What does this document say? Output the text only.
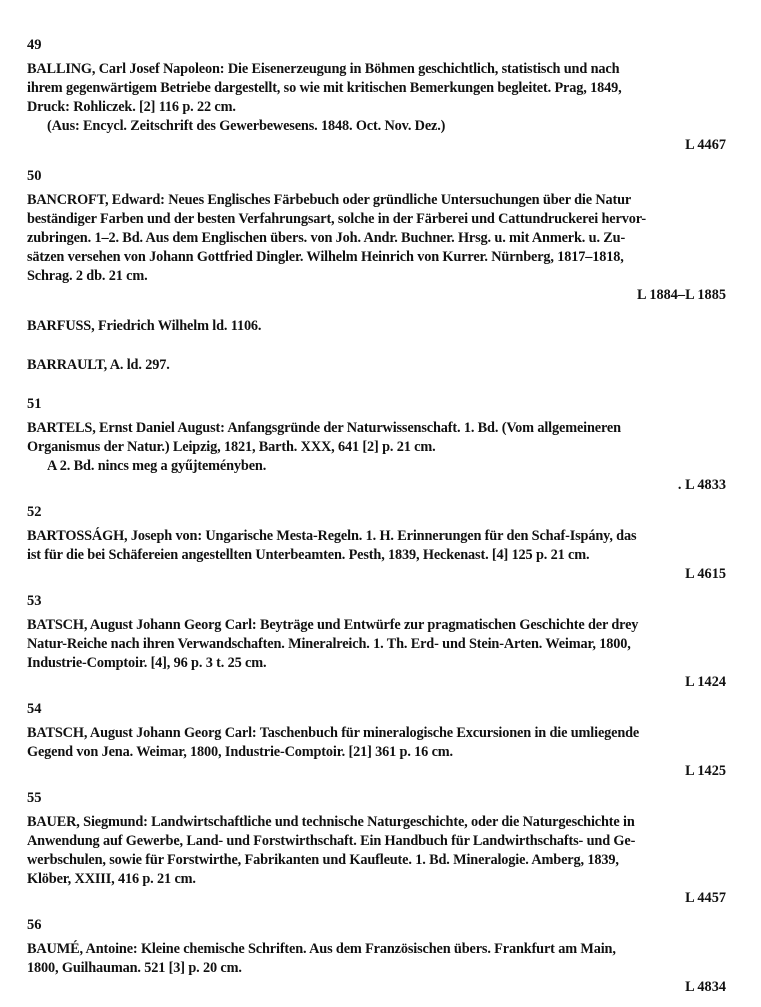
49
BALLING, Carl Josef Napoleon: Die Eisenerzeugung in Böhmen geschichtlich, statistisch und nach
ihrem gegenwärtigem Betriebe dargestellt, so wie mit kritischen Bemerkungen begleitet. Prag, 1849,
Druck: Rohliczek. [2] 116 p. 22 cm.
(Aus: Encycl. Zeitschrift des Gewerbewesens. 1848. Oct. Nov. Dez.)
L 4467
50
BANCROFT, Edward: Neues Englisches Färbebuch oder gründliche Untersuchungen über die Natur
beständiger Farben und der besten Verfahrungsart, solche in der Färberei und Cattundruckerei hervor-
zubringen. 1–2. Bd. Aus dem Englischen übers. von Joh. Andr. Buchner. Hrsg. u. mit Anmerk. u. Zu-
sätzen versehen von Johann Gottfried Dingler. Wilhelm Heinrich von Kurrer. Nürnberg, 1817–1818,
Schrag. 2 db. 21 cm.
L 1884–L 1885
BARFUSS, Friedrich Wilhelm ld. 1106.
BARRAULT, A. ld. 297.
51
BARTELS, Ernst Daniel August: Anfangsgründe der Naturwissenschaft. 1. Bd. (Vom allgemeineren
Organismus der Natur.) Leipzig, 1821, Barth. XXX, 641 [2] p. 21 cm.
A 2. Bd. nincs meg a gyűjteményben.
. L 4833
52
BARTOSSÁGH, Joseph von: Ungarische Mesta-Regeln. 1. H. Erinnerungen für den Schaf-Ispány, das
ist für die bei Schäfereien angestellten Unterbeamten. Pesth, 1839, Heckenast. [4] 125 p. 21 cm.
L 4615
53
BATSCH, August Johann Georg Carl: Beyträge und Entwürfe zur pragmatischen Geschichte der drey
Natur-Reiche nach ihren Verwandschaften. Mineralreich. 1. Th. Erd- und Stein-Arten. Weimar, 1800,
Industrie-Comptoir. [4], 96 p. 3 t. 25 cm.
L 1424
54
BATSCH, August Johann Georg Carl: Taschenbuch für mineralogische Excursionen in die umliegende
Gegend von Jena. Weimar, 1800, Industrie-Comptoir. [21] 361 p. 16 cm.
L 1425
55
BAUER, Siegmund: Landwirtschaftliche und technische Naturgeschichte, oder die Naturgeschichte in
Anwendung auf Gewerbe, Land- und Forstwirthschaft. Ein Handbuch für Landwirthschafts- und Ge-
werbschulen, sowie für Forstwirthe, Fabrikanten und Kaufleute. 1. Bd. Mineralogie. Amberg, 1839,
Klöber, XXIII, 416 p. 21 cm.
L 4457
56
BAUMÉ, Antoine: Kleine chemische Schriften. Aus dem Französischen übers. Frankfurt am Main,
1800, Guilhauman. 521 [3] p. 20 cm.
L 4834
